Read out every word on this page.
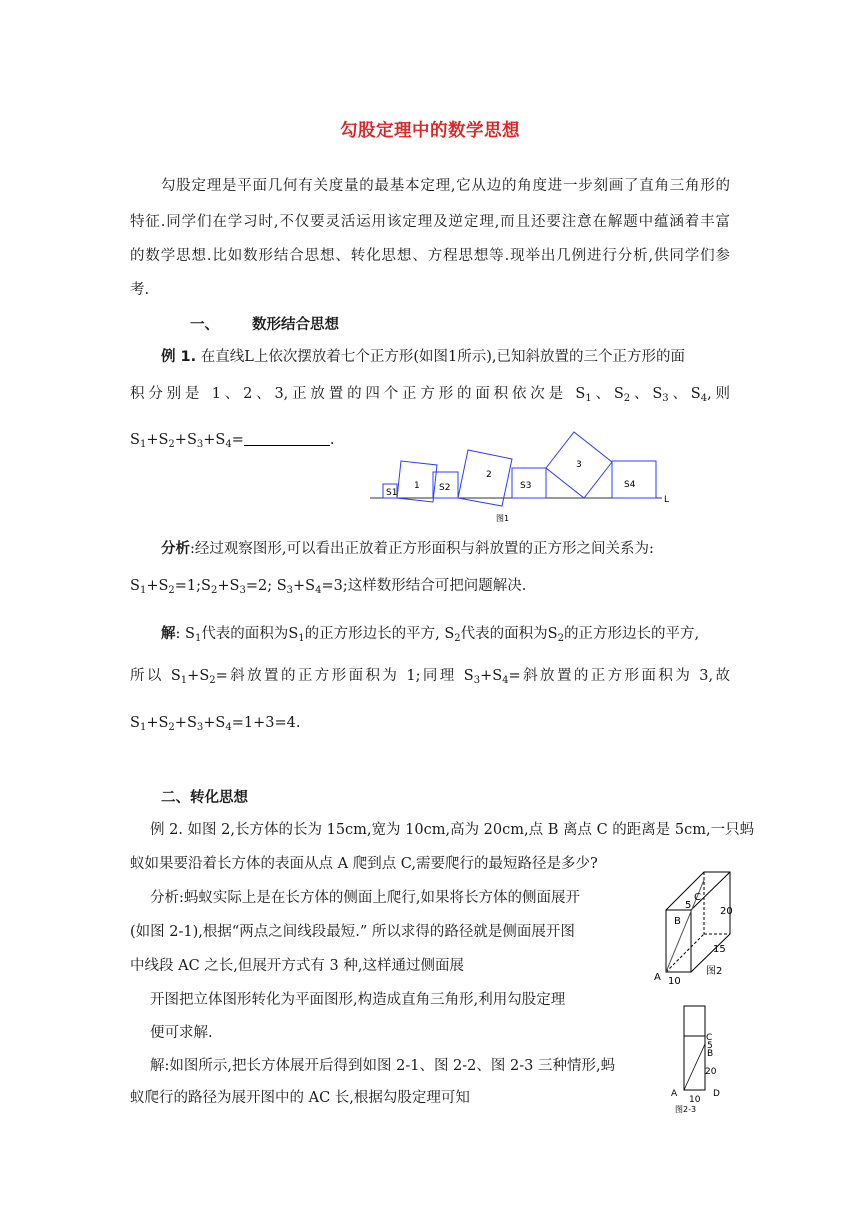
勾股定理中的数学思想
勾股定理是平面几何有关度量的最基本定理,它从边的角度进一步刻画了直角三角形的
特征.同学们在学习时,不仅要灵活运用该定理及逆定理,而且还要注意在解题中蕴涵着丰富
的数学思想.比如数形结合思想、转化思想、方程思想等.现举出几例进行分析,供同学们参
考.
一、 数形结合思想
例 1. 在直线L上依次摆放着七个正方形(如图1所示),已知斜放置的三个正方形的面
积分别是 1、2、3,正放置的四个正方形的面积依次是 $S_1$、$S_2$、$S_3$、$S_4$,则
$S_1+S_2+S_3+S_4=$	.
S1
1 S2
2
S3
3
S4
L
图1
分析:经过观察图形,可以看出正放着正方形面积与斜放置的正方形之间关系为:
$S_1+S_2=1;S_2+S_3=2$; $S_3+S_4=3$;这样数形结合可把问题解决.
解: $S_1$代表的面积为$S_1$的正方形边长的平方, $S_2$代表的面积为$S_2$的正方形边长的平方,
所以 $S_1+S_2=$斜放置的正方形面积为 1;同理 $S_3+S_4=$斜放置的正方形面积为 3,故
$S_1+S_2+S_3+S_4=1+3=4$.
二、转化思想
例 2. 如图 2,长方体的长为 15cm,宽为 10cm,高为 20cm,点 B 离点 C 的距离是 5cm,一只蚂
蚁如果要沿着长方体的表面从点 A 爬到点 C,需要爬行的最短路径是多少?
分析:蚂蚁实际上是在长方体的侧面上爬行,如果将长方体的侧面展开
(如图 2-1),根据“两点之间线段最短.” 所以求得的路径就是侧面展开图
中线段 AC 之长,但展开方式有 3 种,这样通过侧面展
开图把立体图形转化为平面图形,构造成直角三角形,利用勾股定理
便可求解.
解:如图所示,把长方体展开后得到如图 2-1、图 2-2、图 2-3 三种情形,蚂
蚁爬行的路径为展开图中的 AC 长,根据勾股定理可知
B
5
C
20
15
A 10
图2
C
5
B
20
A	D
10
图2-3
